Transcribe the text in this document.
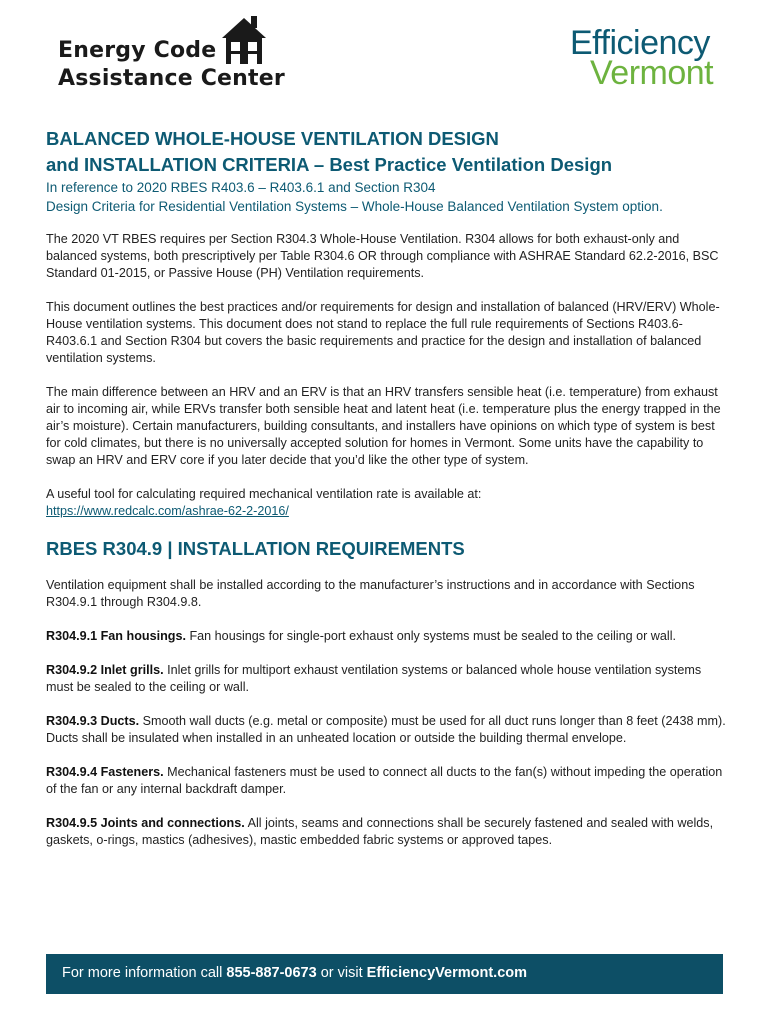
Energy Code
Assistance Center
Efficiency
Vermont
BALANCED WHOLE-HOUSE VENTILATION DESIGN
and INSTALLATION CRITERIA – Best Practice Ventilation Design

In reference to 2020 RBES R403.6 – R403.6.1 and Section R304

Design Criteria for Residential Ventilation Systems – Whole-House Balanced Ventilation System option.

The 2020 VT RBES requires per Section R304.3 Whole-House Ventilation. R304 allows for both exhaust-only and balanced systems, both prescriptively per Table R304.6 OR through compliance with ASHRAE Standard 62.2-2016, BSC Standard 01-2015, or Passive House (PH) Ventilation requirements.

This document outlines the best practices and/or requirements for design and installation of balanced (HRV/ERV) Whole-House ventilation systems. This document does not stand to replace the full rule requirements of Sections R403.6-R403.6.1 and Section R304 but covers the basic requirements and practice for the design and installation of balanced ventilation systems.

The main difference between an HRV and an ERV is that an HRV transfers sensible heat (i.e. temperature) from exhaust air to incoming air, while ERVs transfer both sensible heat and latent heat (i.e. temperature plus the energy trapped in the air’s moisture). Certain manufacturers, building consultants, and installers have opinions on which type of system is best for cold climates, but there is no universally accepted solution for homes in Vermont. Some units have the capability to swap an HRV and ERV core if you later decide that you’d like the other type of system.

A useful tool for calculating required mechanical ventilation rate is available at:
https://www.redcalc.com/ashrae-62-2-2016/

RBES R304.9 | INSTALLATION REQUIREMENTS

Ventilation equipment shall be installed according to the manufacturer’s instructions and in accordance with Sections R304.9.1 through R304.9.8.

R304.9.1 Fan housings. Fan housings for single-port exhaust only systems must be sealed to the ceiling or wall.

R304.9.2 Inlet grills. Inlet grills for multiport exhaust ventilation systems or balanced whole house ventilation systems must be sealed to the ceiling or wall.

R304.9.3 Ducts. Smooth wall ducts (e.g. metal or composite) must be used for all duct runs longer than 8 feet (2438 mm). Ducts shall be insulated when installed in an unheated location or outside the building thermal envelope.

R304.9.4 Fasteners. Mechanical fasteners must be used to connect all ducts to the fan(s) without impeding the operation of the fan or any internal backdraft damper.

R304.9.5 Joints and connections. All joints, seams and connections shall be securely fastened and sealed with welds, gaskets, o-rings, mastics (adhesives), mastic embedded fabric systems or approved tapes.

For more information call 855-887-0673 or visit EfficiencyVermont.com
